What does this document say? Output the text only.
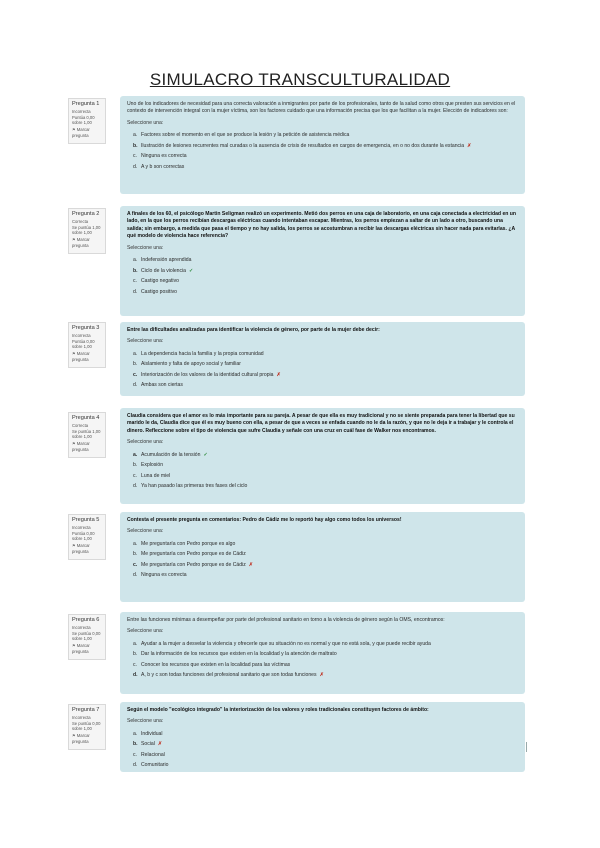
SIMULACRO TRANSCULTURALIDAD
Pregunta 1
Incorrecta
Puntúa 0,00 sobre 1,00
⚑ Marcar pregunta
Uno de los indicadores de necesidad para una correcta valoración a inmigrantes por parte de los profesionales, tanto de la salud como otros que presten sus servicios en el contexto de intervención integral con la mujer víctima, son los factores cuidado que una información precisa que los que facilitan a la mujer. Elección de indicadores son:
Seleccione una:
a. Factores sobre el momento en el que se produce la lesión y la petición de asistencia médica
b. Ilustración de lesiones recurrentes mal curadas o la ausencia de crisis de resultados en cargos de emergencia, en o no dos durante la estancia ✗
c. Ninguna es correcta
d. A y b son correctas
Pregunta 2
Correcta
Se puntúa 1,00 sobre 1,00
⚑ Marcar pregunta
A finales de los 60, el psicólogo Martin Seligman realizó un experimento. Metió dos perros en una caja de laboratorio, en una caja conectada a electricidad en un lado, en la que los perros recibían descargas eléctricas cuando intentaban escapar. Mientras, los perros empiezan a saltar de un lado a otro, buscando una salida; sin embargo, a medida que pasa el tiempo y no hay salida, los perros se acostumbran a recibir las descargas eléctricas sin hacer nada para evitarlas. ¿A qué modelo de violencia hace referencia?
Seleccione una:
a. Indefensión aprendida
b. Ciclo de la violencia ✓
c. Castigo negativo
d. Castigo positivo
Pregunta 3
Incorrecta
Puntúa 0,00 sobre 1,00
⚑ Marcar pregunta
Entre las dificultades analizadas para identificar la violencia de género, por parte de la mujer debe decir:
Seleccione una:
a. La dependencia hacia la familia y la propia comunidad
b. Aislamiento y falta de apoyo social y familiar
c. Interiorización de los valores de la identidad cultural propia ✗
d. Ambas son ciertas
Pregunta 4
Correcta
Se puntúa 1,00 sobre 1,00
⚑ Marcar pregunta
Claudia considera que el amor es lo más importante para su pareja. A pesar de que ella es muy tradicional y no se siente preparada para tener la libertad que su marido le da, Claudia dice que él es muy bueno con ella, a pesar de que a veces se enfada cuando no le da la razón, y que no le deja ir a trabajar y le controla el dinero. Refleccione sobre el tipo de violencia que sufre Claudia y señale con una cruz en cuál fase de Walker nos encontramos.
Seleccione una:
a. Acumulación de la tensión ✓
b. Explosión
c. Luna de miel
d. Ya han pasado las primeras tres fases del ciclo
Pregunta 5
Incorrecta
Puntúa 0,00 sobre 1,00
⚑ Marcar pregunta
Contesta el presente pregunta en comentarios: Pedro de Cádiz me lo reportó hay algo como todos los universos!
Seleccione una:
a. Me preguntaría con Pedro porque es algo
b. Me preguntaría con Pedro porque es de Cádiz
c. Me preguntaría con Pedro porque es de Cádiz ✗
d. Ninguna es correcta
Pregunta 6
Incorrecta
Se puntúa 0,00 sobre 1,00
⚑ Marcar pregunta
Entre las funciones mínimas a desempeñar por parte del profesional sanitario en torno a la violencia de género según la OMS, encontramos:
Seleccione una:
a. Ayudar a la mujer a desvelar la violencia y ofrecerle que su situación no es normal y que no está sola, y que puede recibir ayuda
b. Dar la información de los recursos que existen en la localidad y la atención de maltrato
c. Conocer los recursos que existen en la localidad para las víctimas
d. A, b y c son todas funciones del profesional sanitario que son todas funciones ✗
Pregunta 7
Incorrecta
Se puntúa 0,00 sobre 1,00
⚑ Marcar pregunta
Según el modelo "ecológico integrado" la interiorización de los valores y roles tradicionales constituyen factores de ámbito:
Seleccione una:
a. Individual
b. Social ✗
c. Relacional
d. Comunitario
